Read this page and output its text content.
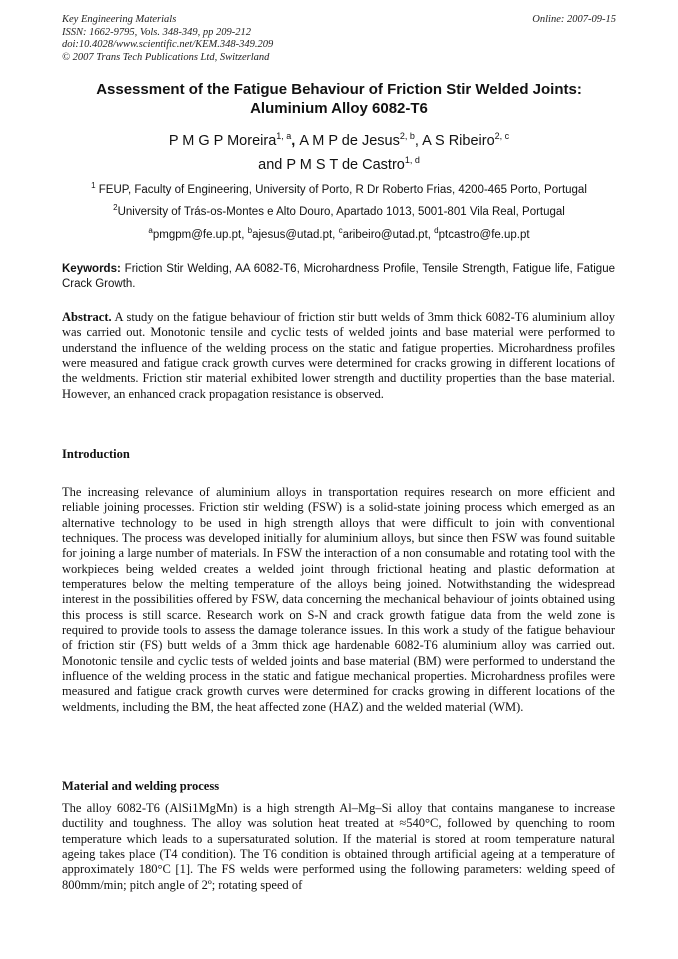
Key Engineering Materials
ISSN: 1662-9795, Vols. 348-349, pp 209-212
doi:10.4028/www.scientific.net/KEM.348-349.209
© 2007 Trans Tech Publications Ltd, Switzerland
Online: 2007-09-15
Assessment of the Fatigue Behaviour of Friction Stir Welded Joints:
Aluminium Alloy 6082-T6
P M G P Moreira$^{1, a}$, A M P de Jesus$^{2, b}$, A S Ribeiro$^{2, c}$
and P M S T de Castro$^{1, d}$
$^1$ FEUP, Faculty of Engineering, University of Porto, R Dr Roberto Frias, 4200-465 Porto, Portugal
$^2$University of Trás-os-Montes e Alto Douro, Apartado 1013, 5001-801 Vila Real, Portugal
$^a$pmgpm@fe.up.pt, $^b$ajesus@utad.pt, $^c$aribeiro@utad.pt, $^d$ptcastro@fe.up.pt
Keywords: Friction Stir Welding, AA 6082-T6, Microhardness Profile, Tensile Strength, Fatigue life, Fatigue Crack Growth.
Abstract. A study on the fatigue behaviour of friction stir butt welds of 3mm thick 6082-T6 aluminium alloy was carried out. Monotonic tensile and cyclic tests of welded joints and base material were performed to understand the influence of the welding process on the static and fatigue properties. Microhardness profiles were measured and fatigue crack growth curves were determined for cracks growing in different locations of the weldments. Friction stir material exhibited lower strength and ductility properties than the base material. However, an enhanced crack propagation resistance is observed.
Introduction
The increasing relevance of aluminium alloys in transportation requires research on more efficient and reliable joining processes. Friction stir welding (FSW) is a solid-state joining process which emerged as an alternative technology to be used in high strength alloys that were difficult to join with conventional techniques. The process was developed initially for aluminium alloys, but since then FSW was found suitable for joining a large number of materials. In FSW the interaction of a non consumable and rotating tool with the workpieces being welded creates a welded joint through frictional heating and plastic deformation at temperatures below the melting temperature of the alloys being joined. Notwithstanding the widespread interest in the possibilities offered by FSW, data concerning the mechanical behaviour of joints obtained using this process is still scarce. Research work on S-N and crack growth fatigue data from the weld zone is required to provide tools to assess the damage tolerance issues. In this work a study of the fatigue behaviour of friction stir (FS) butt welds of a 3mm thick age hardenable 6082-T6 aluminium alloy was carried out. Monotonic tensile and cyclic tests of welded joints and base material (BM) were performed to understand the influence of the welding process in the static and fatigue mechanical properties. Microhardness profiles were measured and fatigue crack growth curves were determined for cracks growing in different locations of the weldments, including the BM, the heat affected zone (HAZ) and the welded material (WM).
Material and welding process
The alloy 6082-T6 (AlSi1MgMn) is a high strength Al–Mg–Si alloy that contains manganese to increase ductility and toughness. The alloy was solution heat treated at ≈540°C, followed by quenching to room temperature which leads to a supersaturated solution. If the material is stored at room temperature natural ageing takes place (T4 condition). The T6 condition is obtained through artificial ageing at a temperature of approximately 180°C [1]. The FS welds were performed using the following parameters: welding speed of 800mm/min; pitch angle of 2º; rotating speed of
